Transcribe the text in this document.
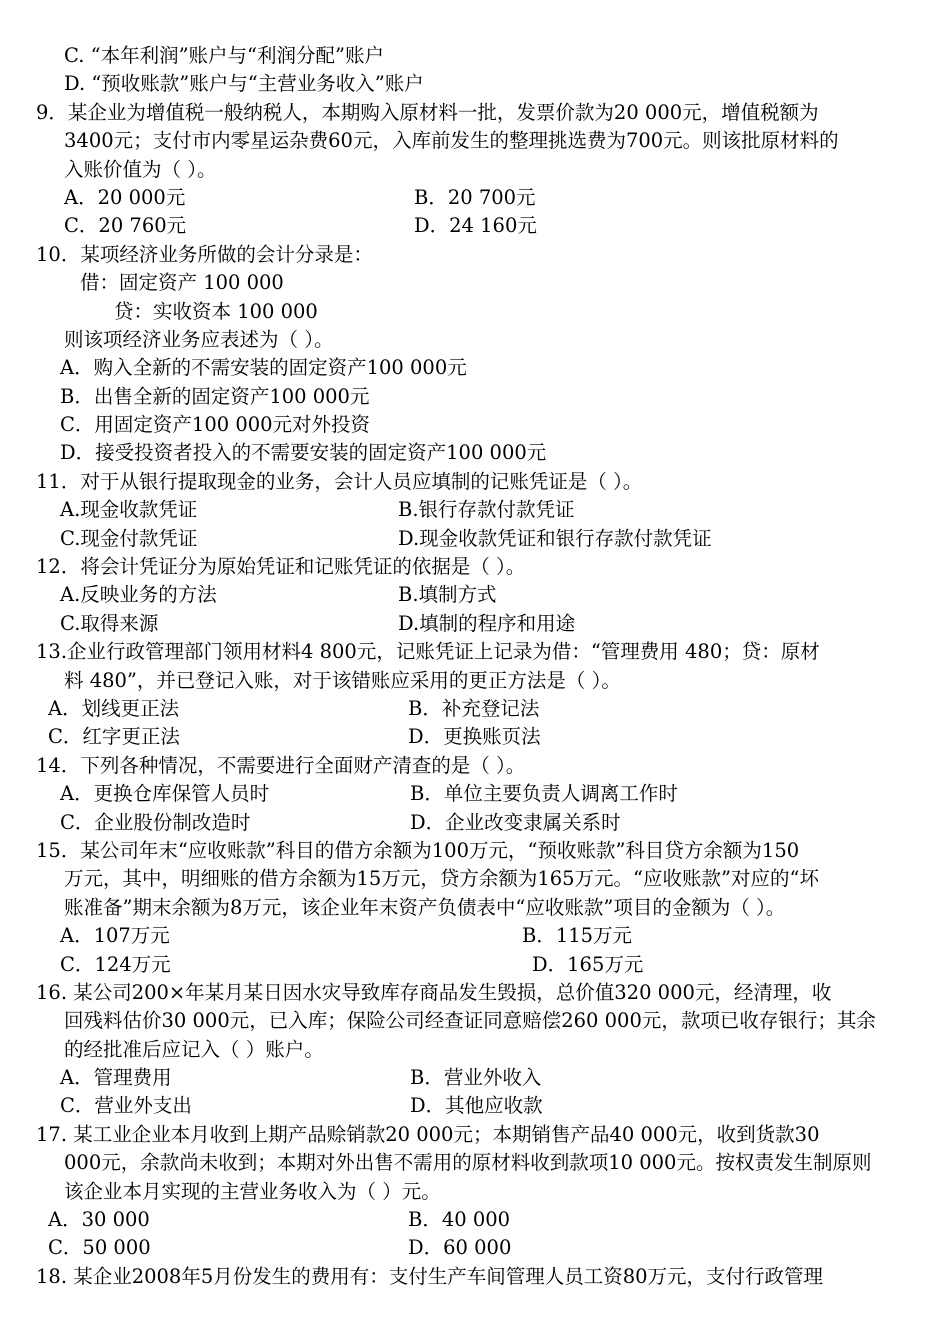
C. “本年利润”账户与“利润分配”账户
D. “预收账款”账户与“主营业务收入”账户
9．某企业为增值税一般纳税人，本期购入原材料一批，发票价款为20 000元，增值税额为
3400元；支付市内零星运杂费60元，入库前发生的整理挑选费为700元。则该批原材料的
入账价值为（ ）。
A．20 000元	B．20 700元
C．20 760元	D．24 160元
10．某项经济业务所做的会计分录是：
借：固定资产 100 000
贷：实收资本 100 000
则该项经济业务应表述为（ ）。
A．购入全新的不需安装的固定资产100 000元
B．出售全新的固定资产100 000元
C．用固定资产100 000元对外投资
D．接受投资者投入的不需要安装的固定资产100 000元
11．对于从银行提取现金的业务，会计人员应填制的记账凭证是（ ）。
A.现金收款凭证	B.银行存款付款凭证
C.现金付款凭证	D.现金收款凭证和银行存款付款凭证
12．将会计凭证分为原始凭证和记账凭证的依据是（ ）。
A.反映业务的方法	B.填制方式
C.取得来源	D.填制的程序和用途
13.企业行政管理部门领用材料4 800元，记账凭证上记录为借：“管理费用 480；贷：原材
料 480”，并已登记入账，对于该错账应采用的更正方法是（ ）。
A．划线更正法	B．补充登记法
C．红字更正法	D．更换账页法
14．下列各种情况，不需要进行全面财产清查的是（ ）。
A．更换仓库保管人员时	B．单位主要负责人调离工作时
C．企业股份制改造时	D．企业改变隶属关系时
15．某公司年末“应收账款”科目的借方余额为100万元，“预收账款”科目贷方余额为150
万元，其中，明细账的借方余额为15万元，贷方余额为165万元。“应收账款”对应的“坏
账准备”期末余额为8万元，该企业年末资产负债表中“应收账款”项目的金额为（ ）。
A．107万元	B．115万元
C．124万元	D．165万元
16. 某公司200×年某月某日因水灾导致库存商品发生毁损，总价值320 000元，经清理，收
回残料估价30 000元，已入库；保险公司经查证同意赔偿260 000元，款项已收存银行；其余
的经批准后应记入（ ）账户。
A．管理费用	B．营业外收入
C．营业外支出	D．其他应收款
17. 某工业企业本月收到上期产品赊销款20 000元；本期销售产品40 000元，收到货款30
000元，余款尚未收到；本期对外出售不需用的原材料收到款项10 000元。按权责发生制原则
该企业本月实现的主营业务收入为（ ）元。
A．30 000	B．40 000
C．50 000	D．60 000
18. 某企业2008年5月份发生的费用有：支付生产车间管理人员工资80万元，支付行政管理
